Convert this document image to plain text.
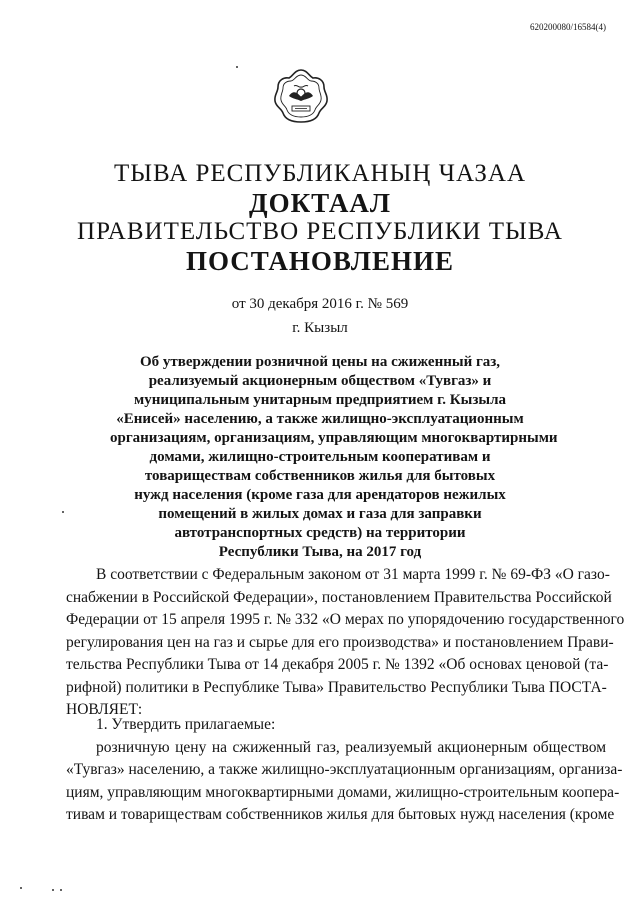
620200080/16584(4)
ТЫВА РЕСПУБЛИКАНЫҢ ЧАЗАА
ДОКТААЛ
ПРАВИТЕЛЬСТВО РЕСПУБЛИКИ ТЫВА
ПОСТАНОВЛЕНИЕ
от 30 декабря 2016 г. № 569
г. Кызыл
Об утверждении розничной цены на сжиженный газ,
реализуемый акционерным обществом «Тувгаз» и
муниципальным унитарным предприятием г. Кызыла
«Енисей» населению, а также жилищно-эксплуатационным
организациям, организациям, управляющим многоквартирными
домами, жилищно-строительным кооперативам и
товариществам собственников жилья для бытовых
нужд населения (кроме газа для арендаторов нежилых
помещений в жилых домах и газа для заправки
автотранспортных средств) на территории
Республики Тыва, на 2017 год
В соответствии с Федеральным законом от 31 марта 1999 г. № 69-ФЗ «О газо-
снабжении в Российской Федерации», постановлением Правительства Российской
Федерации от 15 апреля 1995 г. № 332 «О мерах по упорядочению государственного
регулирования цен на газ и сырье для его производства» и постановлением Прави-
тельства Республики Тыва от 14 декабря 2005 г. № 1392 «Об основах ценовой (та-
рифной) политики в Республике Тыва» Правительство Республики Тыва ПОСТА-
НОВЛЯЕТ:
1. Утвердить прилагаемые:
розничную цену на сжиженный газ, реализуемый акционерным обществом
«Тувгаз» населению, а также жилищно-эксплуатационным организациям, организа-
циям, управляющим многоквартирными домами, жилищно-строительным коопера-
тивам и товариществам собственников жилья для бытовых нужд населения (кроме
